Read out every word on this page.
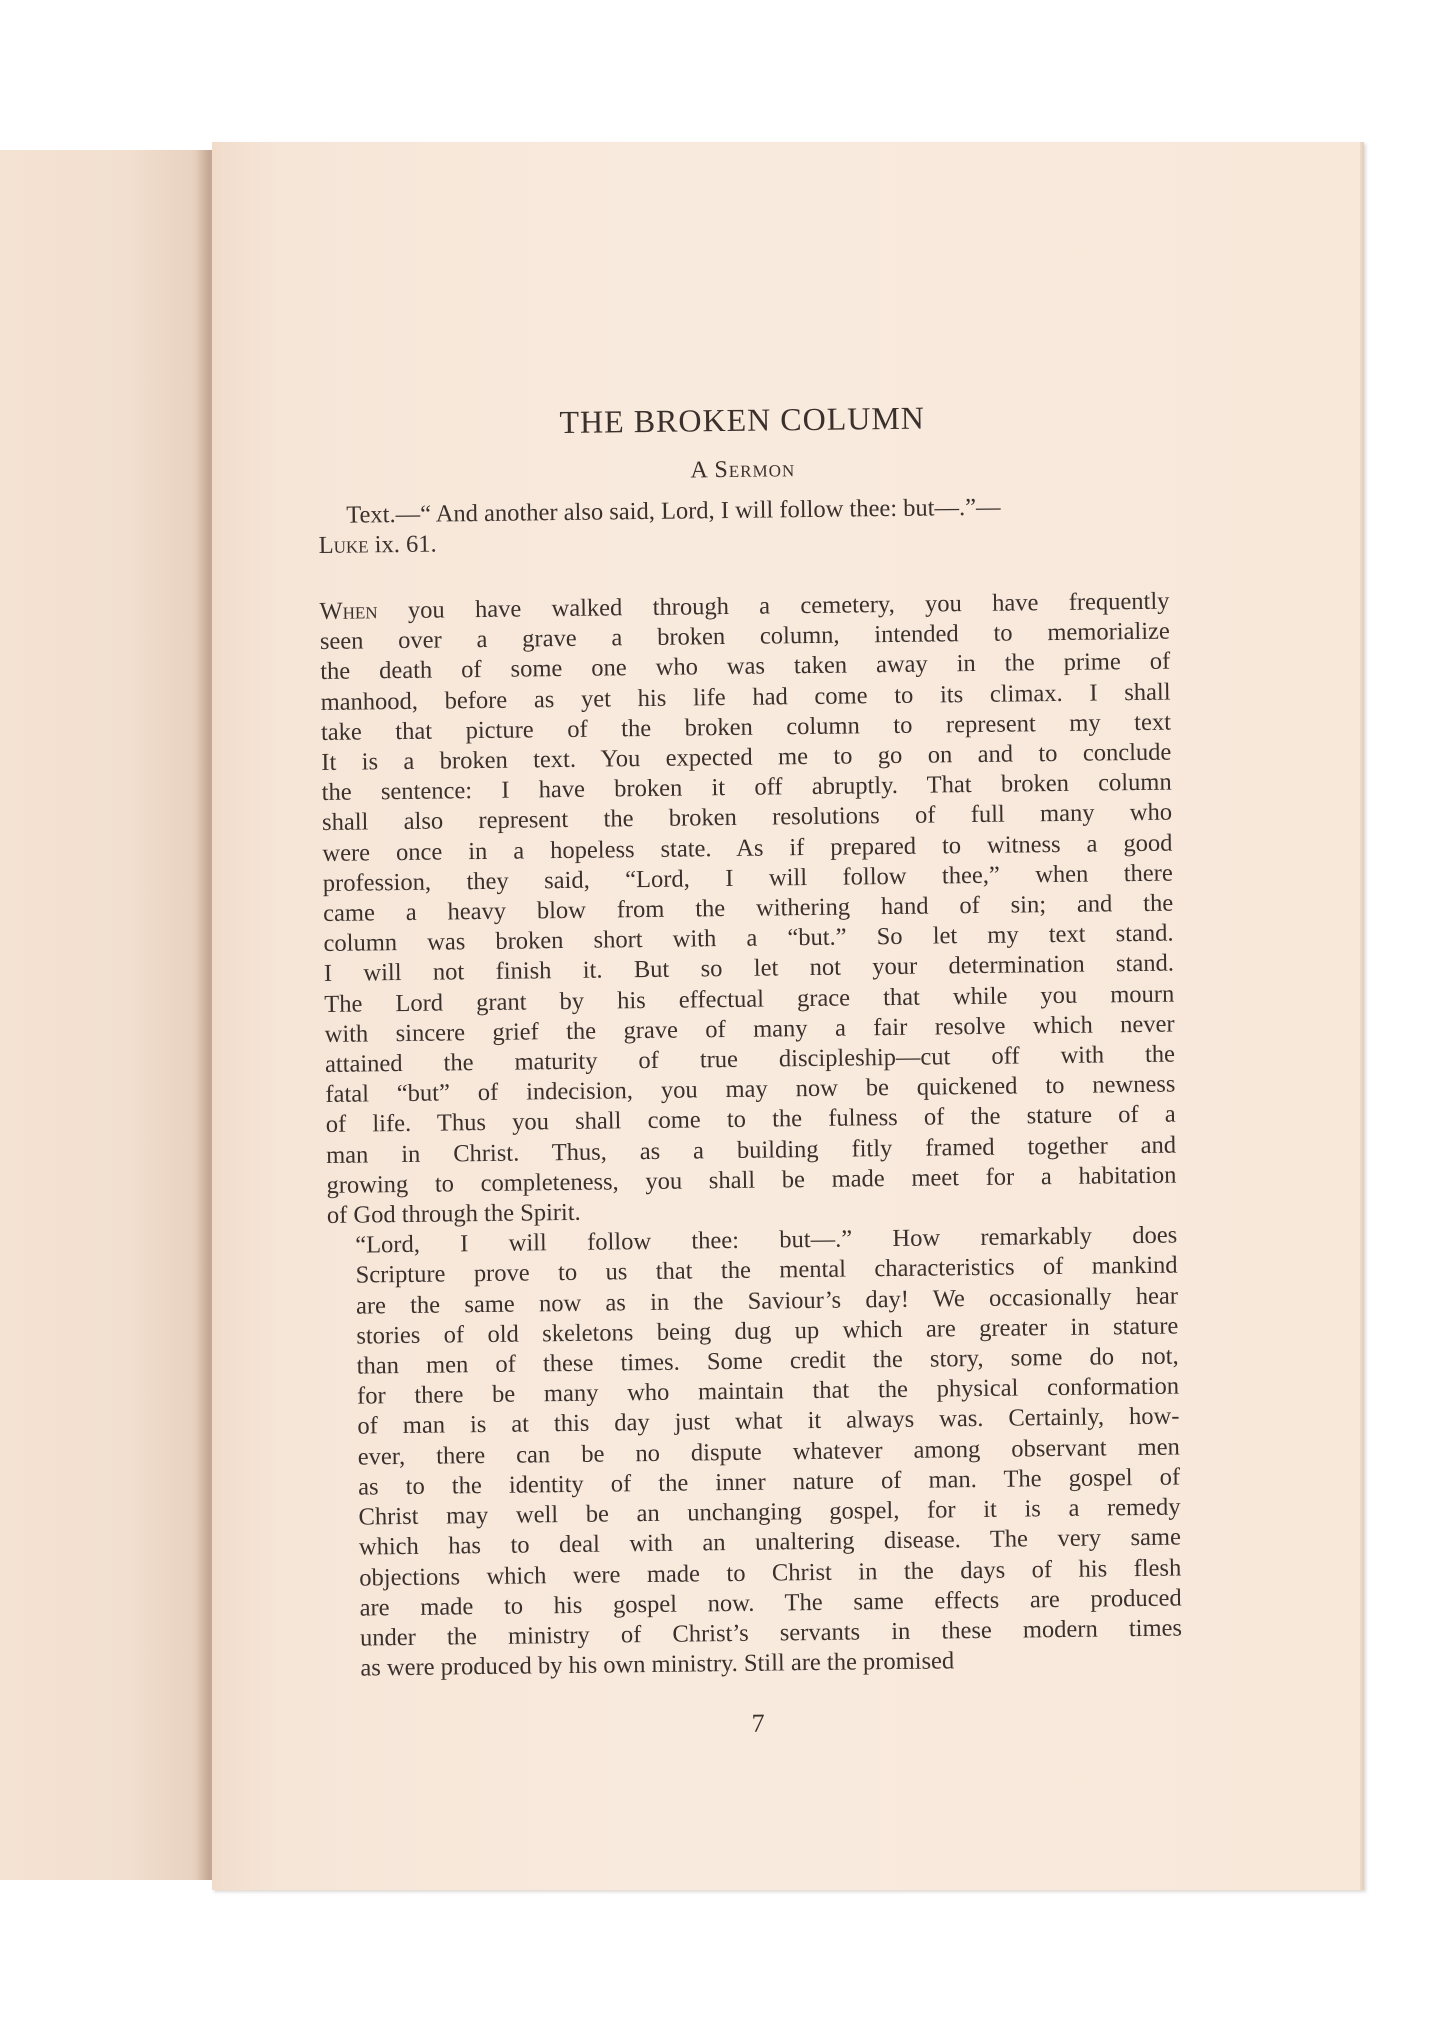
THE BROKEN COLUMN
A Sermon

Text.—“ And another also said, Lord, I will follow thee: but—.”—
Luke ix. 61.

When you have walked through a cemetery, you have frequently
seen over a grave a broken column, intended to memorialize
the death of some one who was taken away in the prime of
manhood, before as yet his life had come to its climax. I shall
take that picture of the broken column to represent my text
It is a broken text. You expected me to go on and to conclude
the sentence: I have broken it off abruptly. That broken column
shall also represent the broken resolutions of full many who
were once in a hopeless state. As if prepared to witness a good
profession, they said, “Lord, I will follow thee,” when there
came a heavy blow from the withering hand of sin; and the
column was broken short with a “but.” So let my text stand.
I will not finish it. But so let not your determination stand.
The Lord grant by his effectual grace that while you mourn
with sincere grief the grave of many a fair resolve which never
attained the maturity of true discipleship—cut off with the
fatal “but” of indecision, you may now be quickened to newness
of life. Thus you shall come to the fulness of the stature of a
man in Christ. Thus, as a building fitly framed together and
growing to completeness, you shall be made meet for a habitation
of God through the Spirit.

“Lord, I will follow thee: but—.” How remarkably does
Scripture prove to us that the mental characteristics of mankind
are the same now as in the Saviour’s day! We occasionally hear
stories of old skeletons being dug up which are greater in stature
than men of these times. Some credit the story, some do not,
for there be many who maintain that the physical conformation
of man is at this day just what it always was. Certainly, how-
ever, there can be no dispute whatever among observant men
as to the identity of the inner nature of man. The gospel of
Christ may well be an unchanging gospel, for it is a remedy
which has to deal with an unaltering disease. The very same
objections which were made to Christ in the days of his flesh
are made to his gospel now. The same effects are produced
under the ministry of Christ’s servants in these modern times
as were produced by his own ministry. Still are the promised

7
